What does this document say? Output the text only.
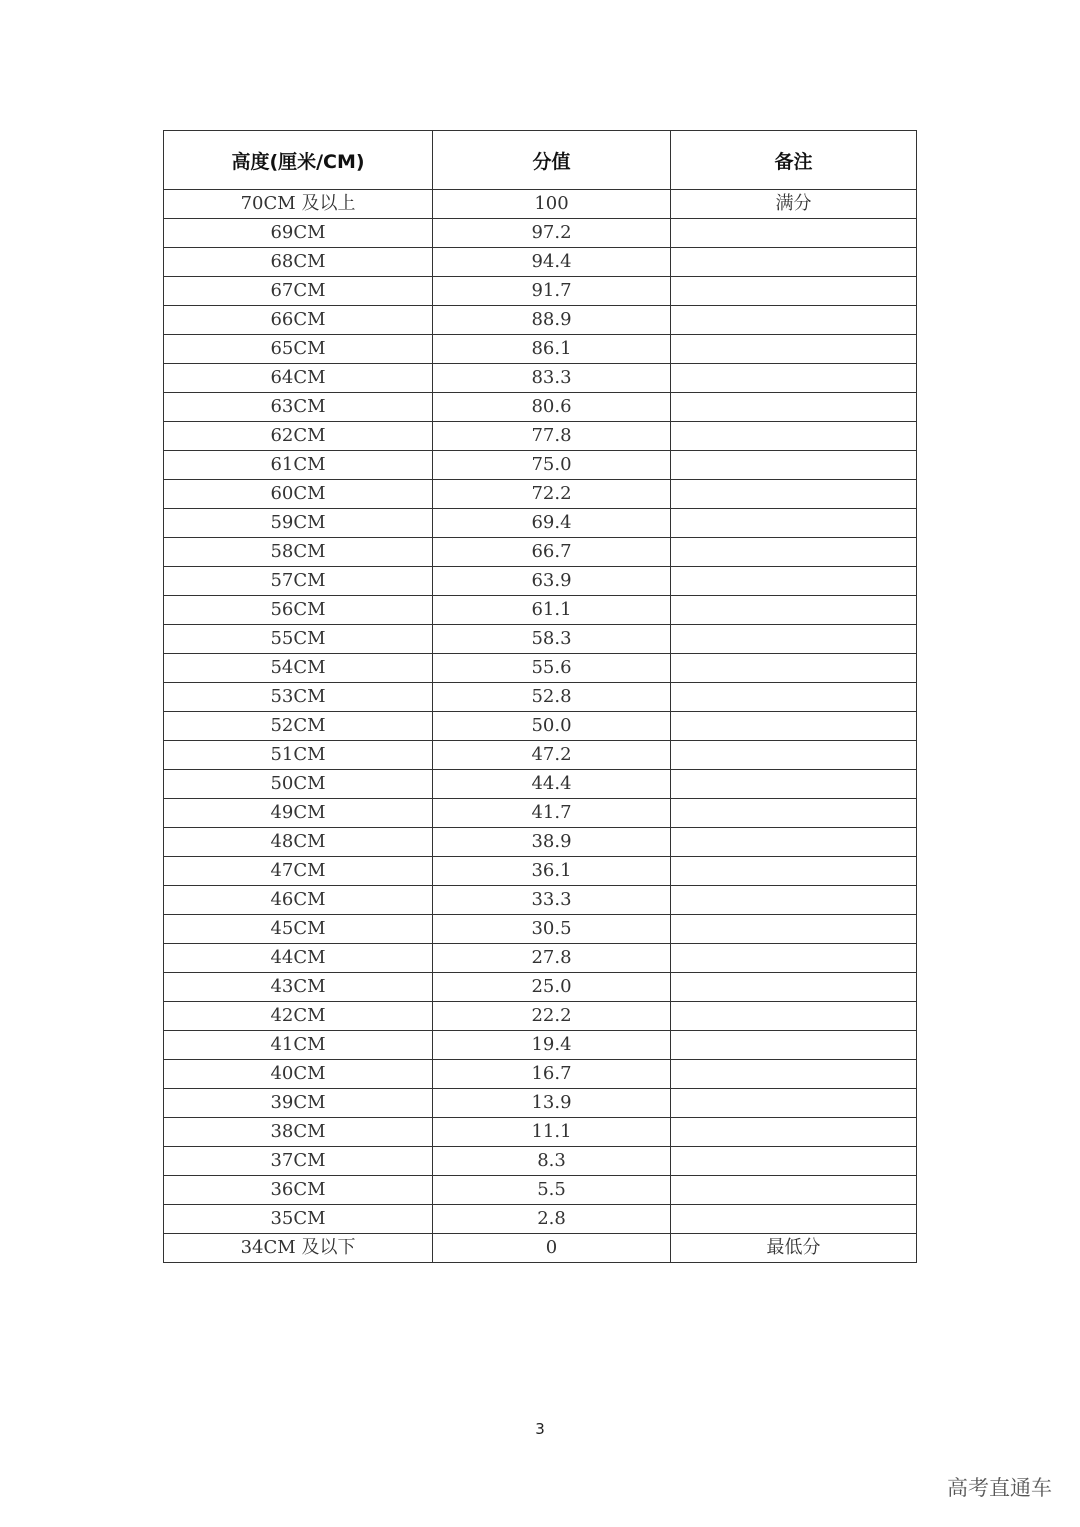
高度(厘米/CM)	分值	备注
70CM 及以上	100	满分
69CM	97.2	
68CM	94.4	
67CM	91.7	
66CM	88.9	
65CM	86.1	
64CM	83.3	
63CM	80.6	
62CM	77.8	
61CM	75.0	
60CM	72.2	
59CM	69.4	
58CM	66.7	
57CM	63.9	
56CM	61.1	
55CM	58.3	
54CM	55.6	
53CM	52.8	
52CM	50.0	
51CM	47.2	
50CM	44.4	
49CM	41.7	
48CM	38.9	
47CM	36.1	
46CM	33.3	
45CM	30.5	
44CM	27.8	
43CM	25.0	
42CM	22.2	
41CM	19.4	
40CM	16.7	
39CM	13.9	
38CM	11.1	
37CM	8.3	
36CM	5.5	
35CM	2.8	
34CM 及以下	0	最低分
3
高考直通车
